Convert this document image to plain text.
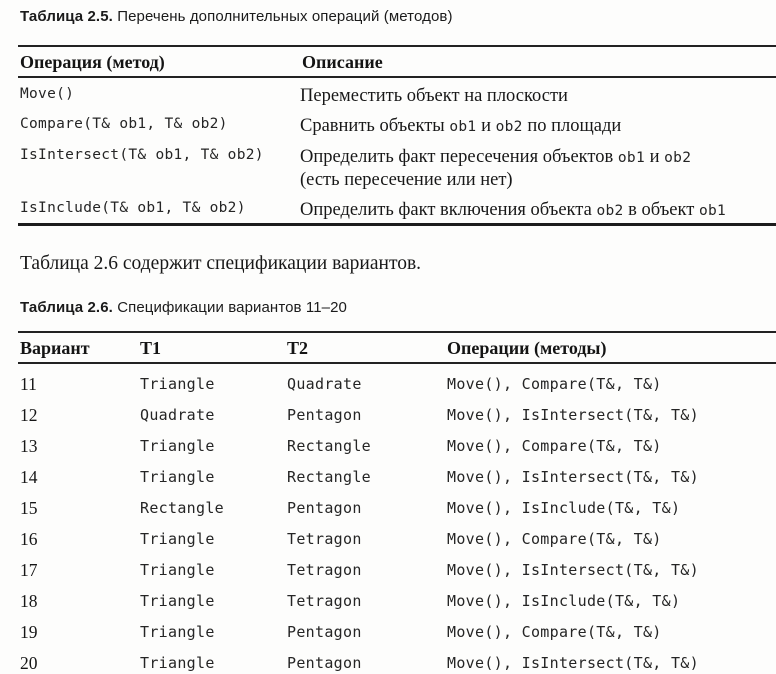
Таблица 2.5. Перечень дополнительных операций (методов)
Операция (метод)	Описание
Move()	Переместить объект на плоскости
Compare(T& ob1, T& ob2)	Сравнить объекты ob1 и ob2 по площади
IsIntersect(T& ob1, T& ob2)	Определить факт пересечения объектов ob1 и ob2
(есть пересечение или нет)
IsInclude(T& ob1, T& ob2)	Определить факт включения объекта ob2 в объект ob1

Таблица 2.6 содержит спецификации вариантов.

Таблица 2.6. Спецификации вариантов 11–20
Вариант	T1	T2	Операции (методы)
11	Triangle	Quadrate	Move(), Compare(T&, T&)
12	Quadrate	Pentagon	Move(), IsIntersect(T&, T&)
13	Triangle	Rectangle	Move(), Compare(T&, T&)
14	Triangle	Rectangle	Move(), IsIntersect(T&, T&)
15	Rectangle	Pentagon	Move(), IsInclude(T&, T&)
16	Triangle	Tetragon	Move(), Compare(T&, T&)
17	Triangle	Tetragon	Move(), IsIntersect(T&, T&)
18	Triangle	Tetragon	Move(), IsInclude(T&, T&)
19	Triangle	Pentagon	Move(), Compare(T&, T&)
20	Triangle	Pentagon	Move(), IsIntersect(T&, T&)
